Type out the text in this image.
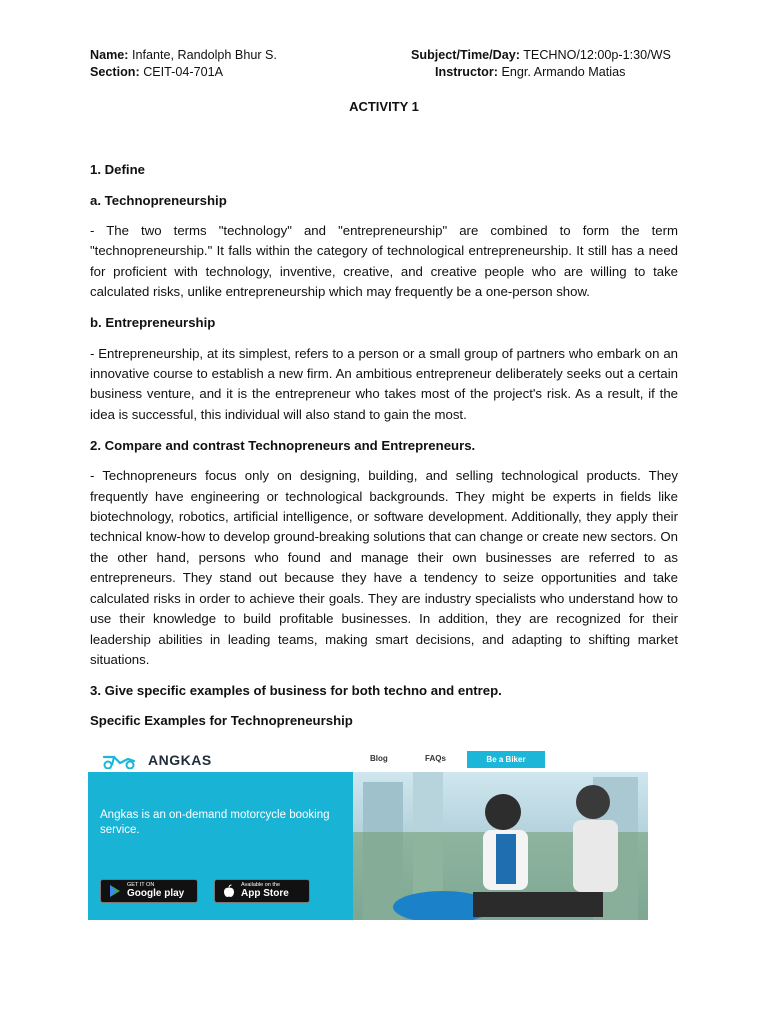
Name: Infante, Randolph Bhur S.
Section: CEIT-04-701A
Subject/Time/Day: TECHNO/12:00p-1:30/WS
Instructor: Engr. Armando Matias
ACTIVITY 1
1. Define
a. Technopreneurship

- The two terms "technology" and "entrepreneurship" are combined to form the term "technopreneurship." It falls within the category of technological entrepreneurship. It still has a need for proficient with technology, inventive, creative, and creative people who are willing to take calculated risks, unlike entrepreneurship which may frequently be a one-person show.

b. Entrepreneurship

- Entrepreneurship, at its simplest, refers to a person or a small group of partners who embark on an innovative course to establish a new firm. An ambitious entrepreneur deliberately seeks out a certain business venture, and it is the entrepreneur who takes most of the project's risk. As a result, if the idea is successful, this individual will also stand to gain the most.

2. Compare and contrast Technopreneurs and Entrepreneurs.

- Technopreneurs focus only on designing, building, and selling technological products. They frequently have engineering or technological backgrounds. They might be experts in fields like biotechnology, robotics, artificial intelligence, or software development. Additionally, they apply their technical know-how to develop ground-breaking solutions that can change or create new sectors. On the other hand, persons who found and manage their own businesses are referred to as entrepreneurs. They stand out because they have a tendency to seize opportunities and take calculated risks in order to achieve their goals. They are industry specialists who understand how to use their knowledge to build profitable businesses. In addition, they are recognized for their leadership abilities in leading teams, making smart decisions, and adapting to shifting market situations.

3. Give specific examples of business for both techno and entrep.
Specific Examples for Technopreneurship
ANGKAS	Blog	FAQs	Be a Biker
Angkas is an on-demand motorcycle booking service.
GET IT ON
Google play
Available on the
App Store
